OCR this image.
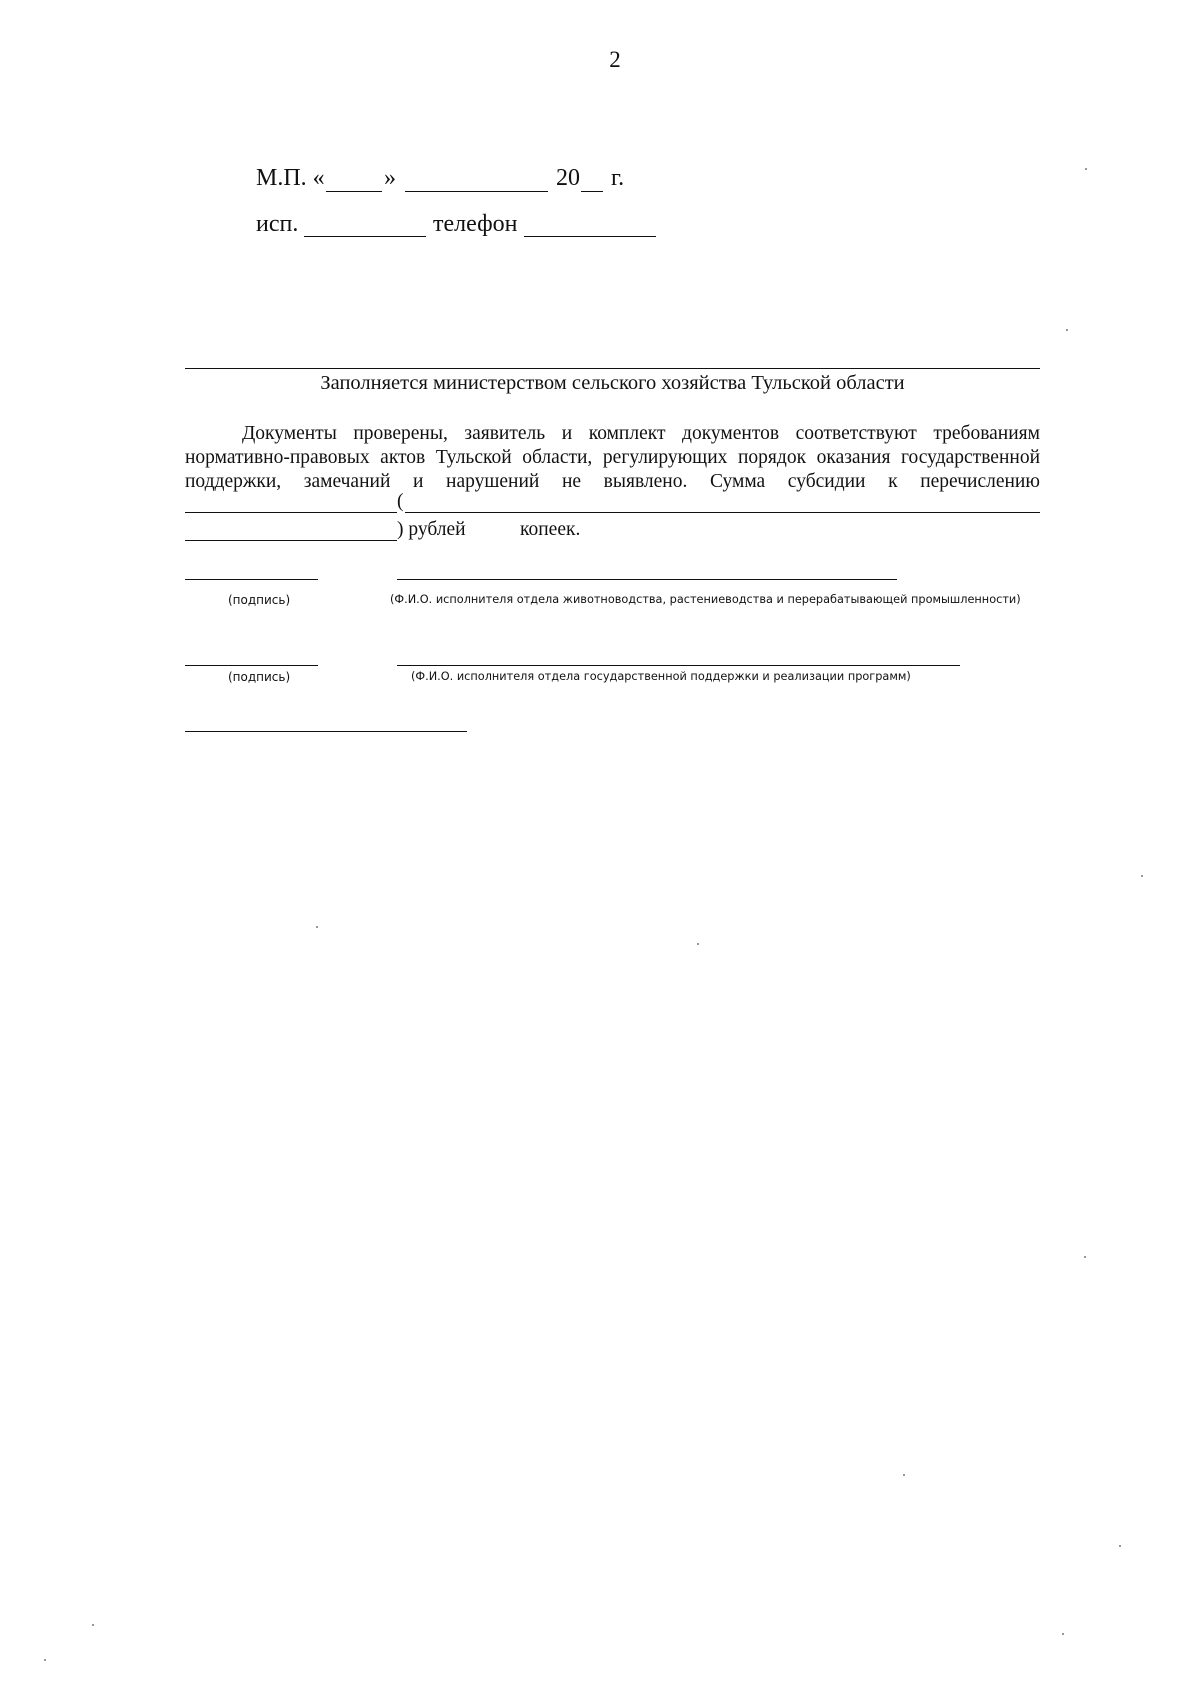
2
М.П. « »	20 г.
исп.	телефон
Заполняется министерством сельского хозяйства Тульской области
Документы проверены, заявитель и комплект документов соответствуют требованиям
нормативно-правовых актов Тульской области, регулирующих порядок оказания государственной
поддержки, замечаний и нарушений не выявлено. Сумма субсидии к перечислению
(
) рублей	копеек.
(подпись)	(Ф.И.О. исполнителя отдела животноводства, растениеводства и перерабатывающей промышленности)
(подпись)	(Ф.И.О. исполнителя отдела государственной поддержки и реализации программ)
